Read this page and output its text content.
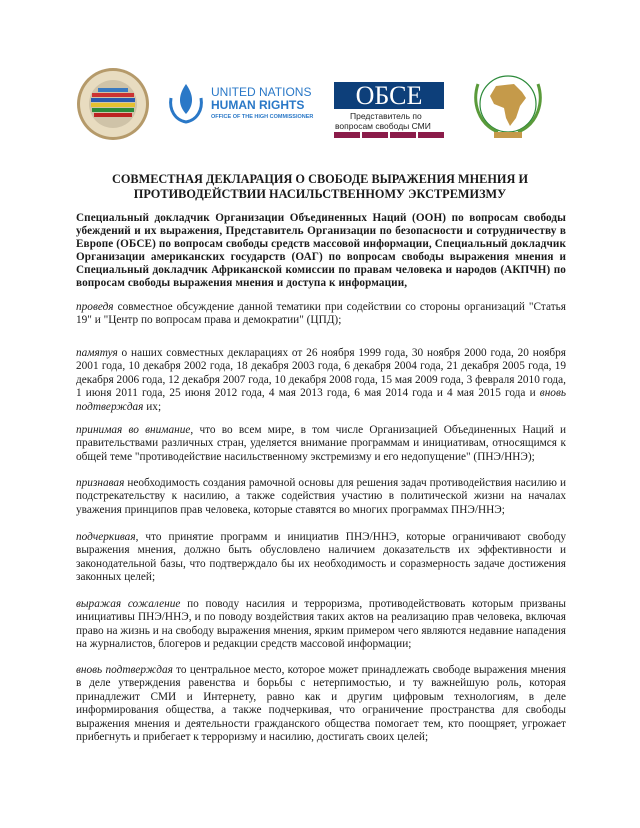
UNITED NATIONS
HUMAN RIGHTS
OFFICE OF THE HIGH COMMISSIONER
ОБСЕ
Представитель по
вопросам свободы СМИ
СОВМЕСТНАЯ ДЕКЛАРАЦИЯ О СВОБОДЕ ВЫРАЖЕНИЯ МНЕНИЯ И
ПРОТИВОДЕЙСТВИИ НАСИЛЬСТВЕННОМУ ЭКСТРЕМИЗМУ
Специальный докладчик Организации Объединенных Наций (ООН) по вопросам свободы убеждений и их выражения, Представитель Организации по безопасности и сотрудничеству в Европе (ОБСЕ) по вопросам свободы средств массовой информации, Специальный докладчик Организации американских государств (ОАГ) по вопросам свободы выражения мнения и Специальный докладчик Африканской комиссии по правам человека и народов (АКПЧН) по вопросам свободы выражения мнения и доступа к информации,
проведя совместное обсуждение данной тематики при содействии со стороны организаций "Статья 19" и "Центр по вопросам права и демократии" (ЦПД);
памятуя о наших совместных декларациях от 26 ноября 1999 года, 30 ноября 2000 года, 20 ноября 2001 года, 10 декабря 2002 года, 18 декабря 2003 года, 6 декабря 2004 года, 21 декабря 2005 года, 19 декабря 2006 года, 12 декабря 2007 года, 10 декабря 2008 года, 15 мая 2009 года, 3 февраля 2010 года, 1 июня 2011 года, 25 июня 2012 года, 4 мая 2013 года, 6 мая 2014 года и 4 мая 2015 года и вновь подтверждая их;
принимая во внимание, что во всем мире, в том числе Организацией Объединенных Наций и правительствами различных стран, уделяется внимание программам и инициативам, относящимся к общей теме "противодействие насильственному экстремизму и его недопущение" (ПНЭ/ННЭ);
признавая необходимость создания рамочной основы для решения задач противодействия насилию и подстрекательству к насилию, а также содействия участию в политической жизни на началах уважения принципов прав человека, которые ставятся во многих программах ПНЭ/ННЭ;
подчеркивая, что принятие программ и инициатив ПНЭ/ННЭ, которые ограничивают свободу выражения мнения, должно быть обусловлено наличием доказательств их эффективности и законодательной базы, что подтверждало бы их необходимость и соразмерность задаче достижения законных целей;
выражая сожаление по поводу насилия и терроризма, противодействовать которым призваны инициативы ПНЭ/ННЭ, и по поводу воздействия таких актов на реализацию прав человека, включая право на жизнь и на свободу выражения мнения, ярким примером чего являются недавние нападения на журналистов, блогеров и редакции средств массовой информации;
вновь подтверждая то центральное место, которое может принадлежать свободе выражения мнения в деле утверждения равенства и борьбы с нетерпимостью, и ту важнейшую роль, которая принадлежит СМИ и Интернету, равно как и другим цифровым технологиям, в деле информирования общества, а также подчеркивая, что ограничение пространства для свободы выражения мнения и деятельности гражданского общества помогает тем, кто поощряет, угрожает прибегнуть и прибегает к терроризму и насилию, достигать своих целей;
